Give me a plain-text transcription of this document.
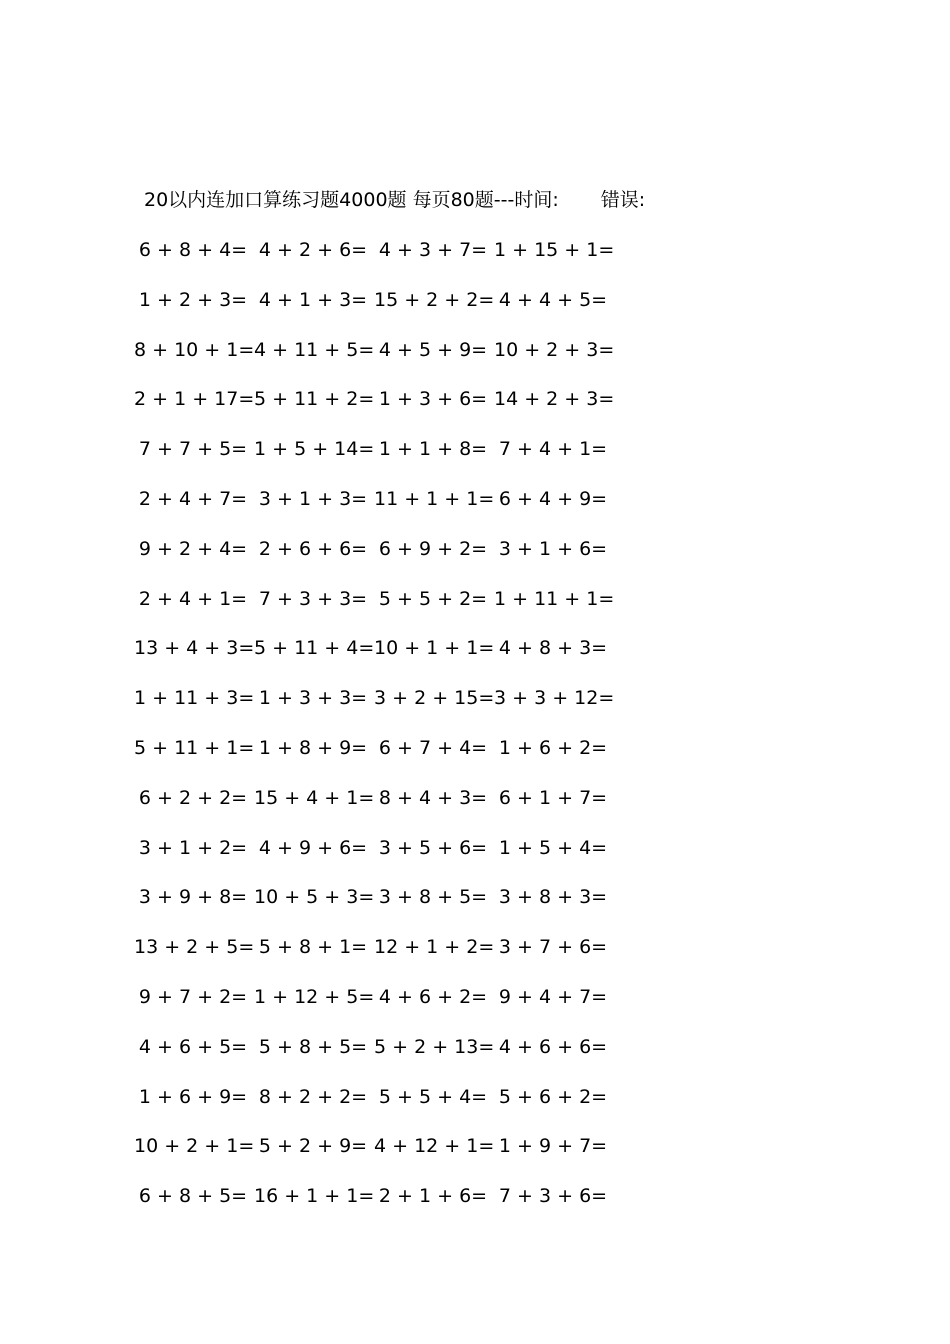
20以内连加口算练习题4000题 每页80题---时间: 错误:
6 + 8 + 4= 4 + 2 + 6= 4 + 3 + 7= 1 + 15 + 1=
1 + 2 + 3= 4 + 1 + 3= 15 + 2 + 2= 4 + 4 + 5=
8 + 10 + 1= 4 + 11 + 5= 4 + 5 + 9= 10 + 2 + 3=
2 + 1 + 17= 5 + 11 + 2= 1 + 3 + 6= 14 + 2 + 3=
7 + 7 + 5= 1 + 5 + 14= 1 + 1 + 8= 7 + 4 + 1=
2 + 4 + 7= 3 + 1 + 3= 11 + 1 + 1= 6 + 4 + 9=
9 + 2 + 4= 2 + 6 + 6= 6 + 9 + 2= 3 + 1 + 6=
2 + 4 + 1= 7 + 3 + 3= 5 + 5 + 2= 1 + 11 + 1=
13 + 4 + 3= 5 + 11 + 4= 10 + 1 + 1= 4 + 8 + 3=
1 + 11 + 3= 1 + 3 + 3= 3 + 2 + 15= 3 + 3 + 12=
5 + 11 + 1= 1 + 8 + 9= 6 + 7 + 4= 1 + 6 + 2=
6 + 2 + 2= 15 + 4 + 1= 8 + 4 + 3= 6 + 1 + 7=
3 + 1 + 2= 4 + 9 + 6= 3 + 5 + 6= 1 + 5 + 4=
3 + 9 + 8= 10 + 5 + 3= 3 + 8 + 5= 3 + 8 + 3=
13 + 2 + 5= 5 + 8 + 1= 12 + 1 + 2= 3 + 7 + 6=
9 + 7 + 2= 1 + 12 + 5= 4 + 6 + 2= 9 + 4 + 7=
4 + 6 + 5= 5 + 8 + 5= 5 + 2 + 13= 4 + 6 + 6=
1 + 6 + 9= 8 + 2 + 2= 5 + 5 + 4= 5 + 6 + 2=
10 + 2 + 1= 5 + 2 + 9= 4 + 12 + 1= 1 + 9 + 7=
6 + 8 + 5= 16 + 1 + 1= 2 + 1 + 6= 7 + 3 + 6=
